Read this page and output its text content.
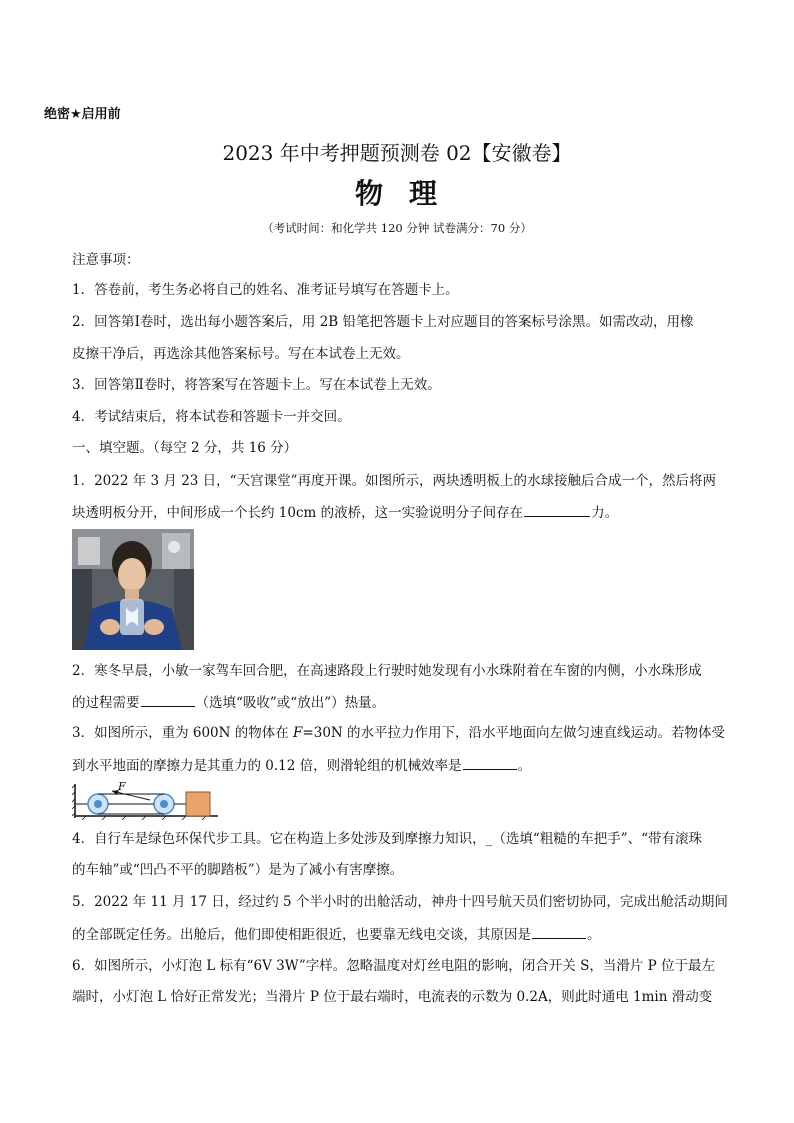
绝密★启用前
2023 年中考押题预测卷 02【安徽卷】
物 理
（考试时间：和化学共 120 分钟 试卷满分：70 分）
注意事项：
1．答卷前，考生务必将自己的姓名、准考证号填写在答题卡上。
2．回答第Ⅰ卷时，选出每小题答案后，用 2B 铅笔把答题卡上对应题目的答案标号涂黑。如需改动，用橡
皮擦干净后，再选涂其他答案标号。写在本试卷上无效。
3．回答第Ⅱ卷时，将答案写在答题卡上。写在本试卷上无效。
4．考试结束后，将本试卷和答题卡一并交回。
一、填空题。（每空 2 分，共 16 分）
1．2022 年 3 月 23 日，“天宫课堂”再度开课。如图所示，两块透明板上的水球接触后合成一个，然后将两
块透明板分开，中间形成一个长约 10cm 的液桥，这一实验说明分子间存在	力。
2．寒冬早晨，小敏一家驾车回合肥，在高速路段上行驶时她发现有小水珠附着在车窗的内侧，小水珠形成
的过程需要	（选填“吸收”或“放出”）热量。
3．如图所示，重为 600N 的物体在 F=30N 的水平拉力作用下，沿水平地面向左做匀速直线运动。若物体受
到水平地面的摩擦力是其重力的 0.12 倍，则滑轮组的机械效率是	。
F
4．自行车是绿色环保代步工具。它在构造上多处涉及到摩擦力知识，_（选填“粗糙的车把手”、“带有滚珠
的车轴”或“凹凸不平的脚踏板”）是为了减小有害摩擦。
5．2022 年 11 月 17 日，经过约 5 个半小时的出舱活动，神舟十四号航天员们密切协同，完成出舱活动期间
的全部既定任务。出舱后，他们即使相距很近，也要靠无线电交谈，其原因是	。
6．如图所示，小灯泡 L 标有“6V 3W”字样。忽略温度对灯丝电阻的影响，闭合开关 S，当滑片 P 位于最左
端时，小灯泡 L 恰好正常发光；当滑片 P 位于最右端时，电流表的示数为 0.2A，则此时通电 1min 滑动变
